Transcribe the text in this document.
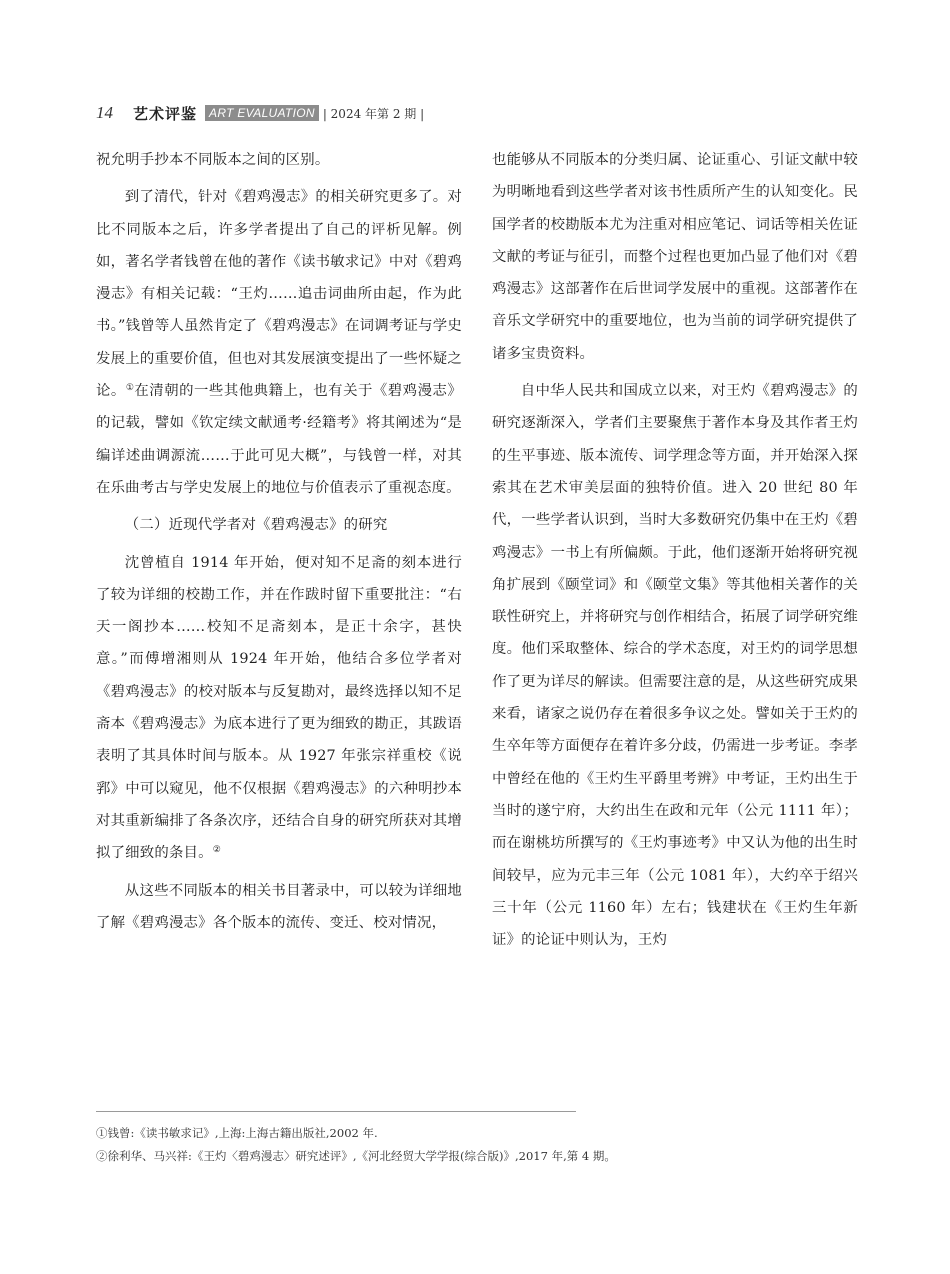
14 艺术评鉴	ART EVALUATION | 2024 年第 2 期 |

祝允明手抄本不同版本之间的区别。

到了清代，针对《碧鸡漫志》的相关研究更多了。对比不同版本之后，许多学者提出了自己的评析见解。例如，著名学者钱曾在他的著作《读书敏求记》中对《碧鸡漫志》有相关记载：“王灼……追击词曲所由起，作为此书。”钱曾等人虽然肯定了《碧鸡漫志》在词调考证与学史发展上的重要价值，但也对其发展演变提出了一些怀疑之论。①在清朝的一些其他典籍上，也有关于《碧鸡漫志》的记载，譬如《钦定续文献通考·经籍考》将其阐述为“是编详述曲调源流……于此可见大概”，与钱曾一样，对其在乐曲考古与学史发展上的地位与价值表示了重视态度。

（二）近现代学者对《碧鸡漫志》的研究

沈曾植自 1914 年开始，便对知不足斋的刻本进行了较为详细的校勘工作，并在作跋时留下重要批注：“右天一阁抄本……校知不足斋刻本，是正十余字，甚快意。”而傅增湘则从 1924 年开始，他结合多位学者对《碧鸡漫志》的校对版本与反复勘对，最终选择以知不足斋本《碧鸡漫志》为底本进行了更为细致的勘正，其跋语表明了其具体时间与版本。从 1927 年张宗祥重校《说郛》中可以窥见，他不仅根据《碧鸡漫志》的六种明抄本对其重新编排了各条次序，还结合自身的研究所获对其增拟了细致的条目。②

从这些不同版本的相关书目著录中，可以较为详细地了解《碧鸡漫志》各个版本的流传、变迁、校对情况，

也能够从不同版本的分类归属、论证重心、引证文献中较为明晰地看到这些学者对该书性质所产生的认知变化。民国学者的校勘版本尤为注重对相应笔记、词话等相关佐证文献的考证与征引，而整个过程也更加凸显了他们对《碧鸡漫志》这部著作在后世词学发展中的重视。这部著作在音乐文学研究中的重要地位，也为当前的词学研究提供了诸多宝贵资料。

自中华人民共和国成立以来，对王灼《碧鸡漫志》的研究逐渐深入，学者们主要聚焦于著作本身及其作者王灼的生平事迹、版本流传、词学理念等方面，并开始深入探索其在艺术审美层面的独特价值。进入 20 世纪 80 年代，一些学者认识到，当时大多数研究仍集中在王灼《碧鸡漫志》一书上有所偏颇。于此，他们逐渐开始将研究视角扩展到《颐堂词》和《颐堂文集》等其他相关著作的关联性研究上，并将研究与创作相结合，拓展了词学研究维度。他们采取整体、综合的学术态度，对王灼的词学思想作了更为详尽的解读。但需要注意的是，从这些研究成果来看，诸家之说仍存在着很多争议之处。譬如关于王灼的生卒年等方面便存在着许多分歧，仍需进一步考证。李孝中曾经在他的《王灼生平爵里考辨》中考证，王灼出生于当时的遂宁府，大约出生在政和元年（公元 1111 年）；而在谢桃坊所撰写的《王灼事迹考》中又认为他的出生时间较早，应为元丰三年（公元 1081 年），大约卒于绍兴三十年（公元 1160 年）左右；钱建状在《王灼生年新证》的论证中则认为，王灼

①钱曾:《读书敏求记》,上海:上海古籍出版社,2002 年.
②徐利华、马兴祥:《王灼〈碧鸡漫志〉研究述评》,《河北经贸大学学报(综合版)》,2017 年,第 4 期。
